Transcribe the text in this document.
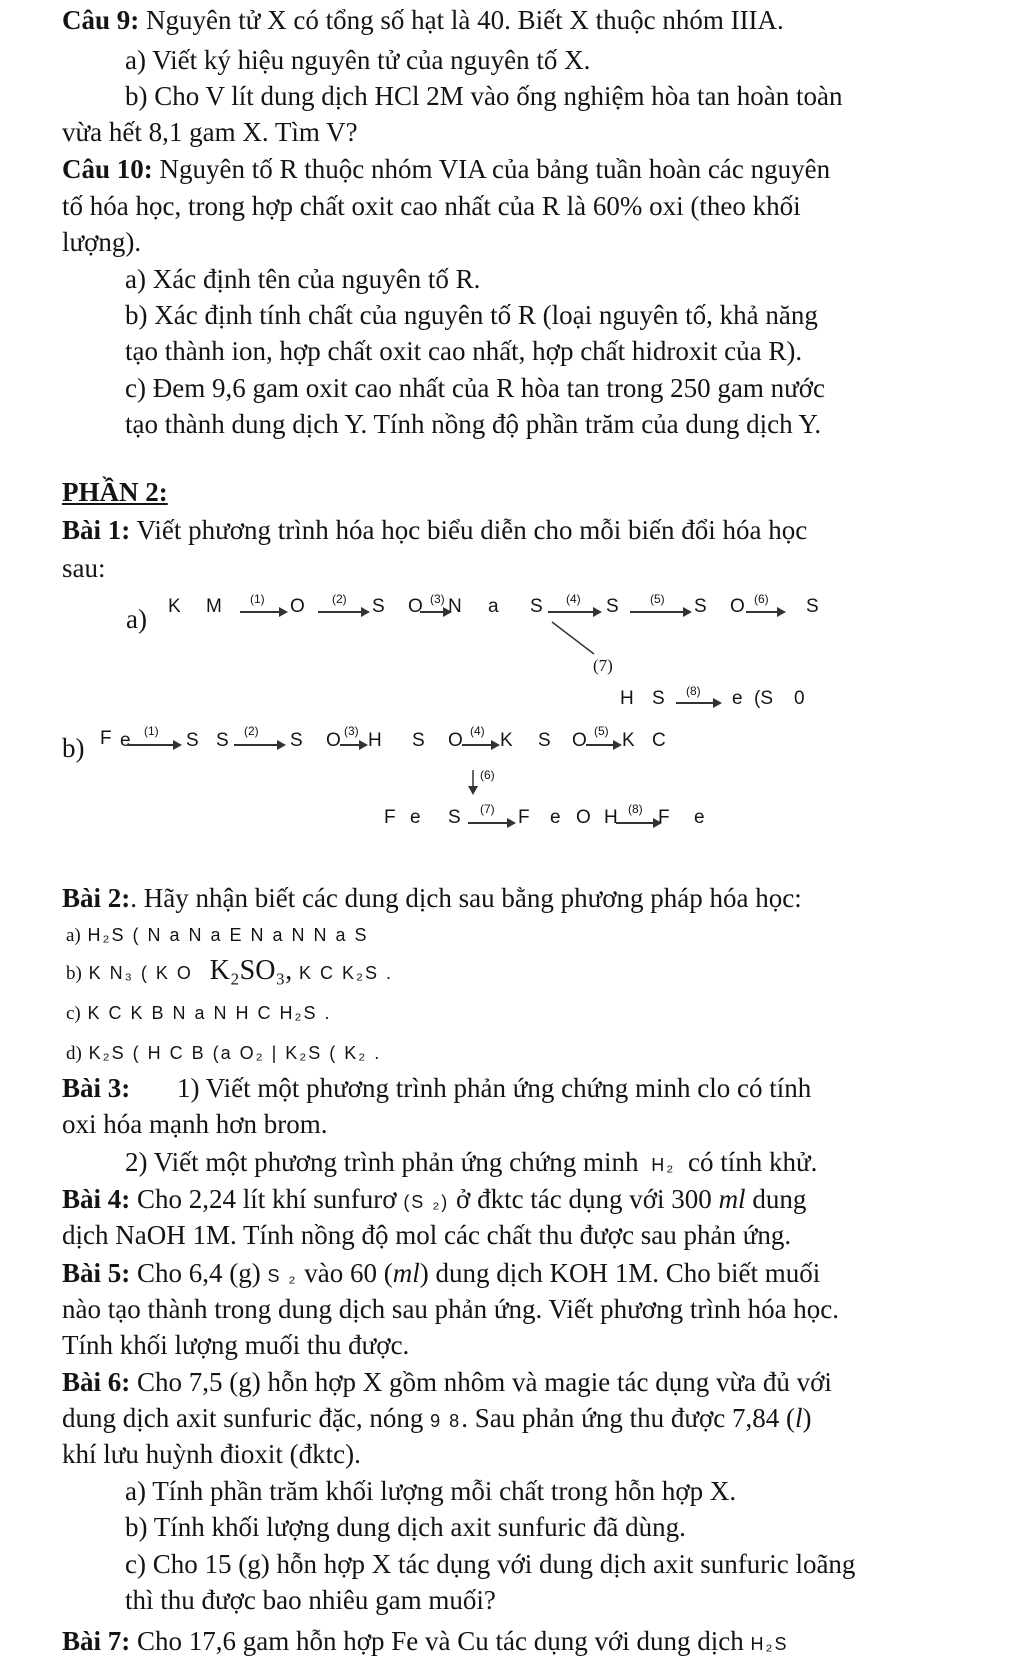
Câu 9: Nguyên tử X có tổng số hạt là 40. Biết X thuộc nhóm IIIA.
a) Viết ký hiệu nguyên tử của nguyên tố X.
b) Cho V lít dung dịch HCl 2M vào ống nghiệm hòa tan hoàn toàn
vừa hết 8,1 gam X. Tìm V?
Câu 10: Nguyên tố R thuộc nhóm VIA của bảng tuần hoàn các nguyên
tố hóa học, trong hợp chất oxit cao nhất của R là 60% oxi (theo khối
lượng).
a) Xác định tên của nguyên tố R.
b) Xác định tính chất của nguyên tố R (loại nguyên tố, khả năng
tạo thành ion, hợp chất oxit cao nhất, hợp chất hidroxit của R).
c) Đem 9,6 gam oxit cao nhất của R hòa tan trong 250 gam nước
tạo thành dung dịch Y. Tính nồng độ phần trăm của dung dịch Y.
PHẦN 2:
Bài 1: Viết phương trình hóa học biểu diễn cho mỗi biến đổi hóa học
sau:
a) K M (1) O (2) S O (3) N a S (4) S	(5) S O (6) S
(7)
H S (8) e (S 0
b) F e (1) S S (2) S O (3) H S O (4) K S O (5) K C
(6)
F e S (7) F e O H (8) F e
Bài 2:. Hãy nhận biết các dung dịch sau bằng phương pháp hóa học:
a) H₂S ( N a N a E N a N N a S
b) K N₃ ( K O K₂SO₃, K C K₂S .
c) K C K B N a N H C H₂S .
d) K₂S ( H C B (a O₂ | K₂S ( K₂ .
Bài 3: 1) Viết một phương trình phản ứng chứng minh clo có tính
oxi hóa mạnh hơn brom.
2) Viết một phương trình phản ứng chứng minh H₂ có tính khử.
Bài 4: Cho 2,24 lít khí sunfurơ (S ₂) ở đktc tác dụng với 300 ml dung
dịch NaOH 1M. Tính nồng độ mol các chất thu được sau phản ứng.
Bài 5: Cho 6,4 (g) S ₂ vào 60 (ml) dung dịch KOH 1M. Cho biết muối
nào tạo thành trong dung dịch sau phản ứng. Viết phương trình hóa học.
Tính khối lượng muối thu được.
Bài 6: Cho 7,5 (g) hỗn hợp X gồm nhôm và magie tác dụng vừa đủ với
dung dịch axit sunfuric đặc, nóng 9 8. Sau phản ứng thu được 7,84 (l)
khí lưu huỳnh đioxit (đktc).
a) Tính phần trăm khối lượng mỗi chất trong hỗn hợp X.
b) Tính khối lượng dung dịch axit sunfuric đã dùng.
c) Cho 15 (g) hỗn hợp X tác dụng với dung dịch axit sunfuric loãng
thì thu được bao nhiêu gam muối?
Bài 7: Cho 17,6 gam hỗn hợp Fe và Cu tác dụng với dung dịch H₂S
